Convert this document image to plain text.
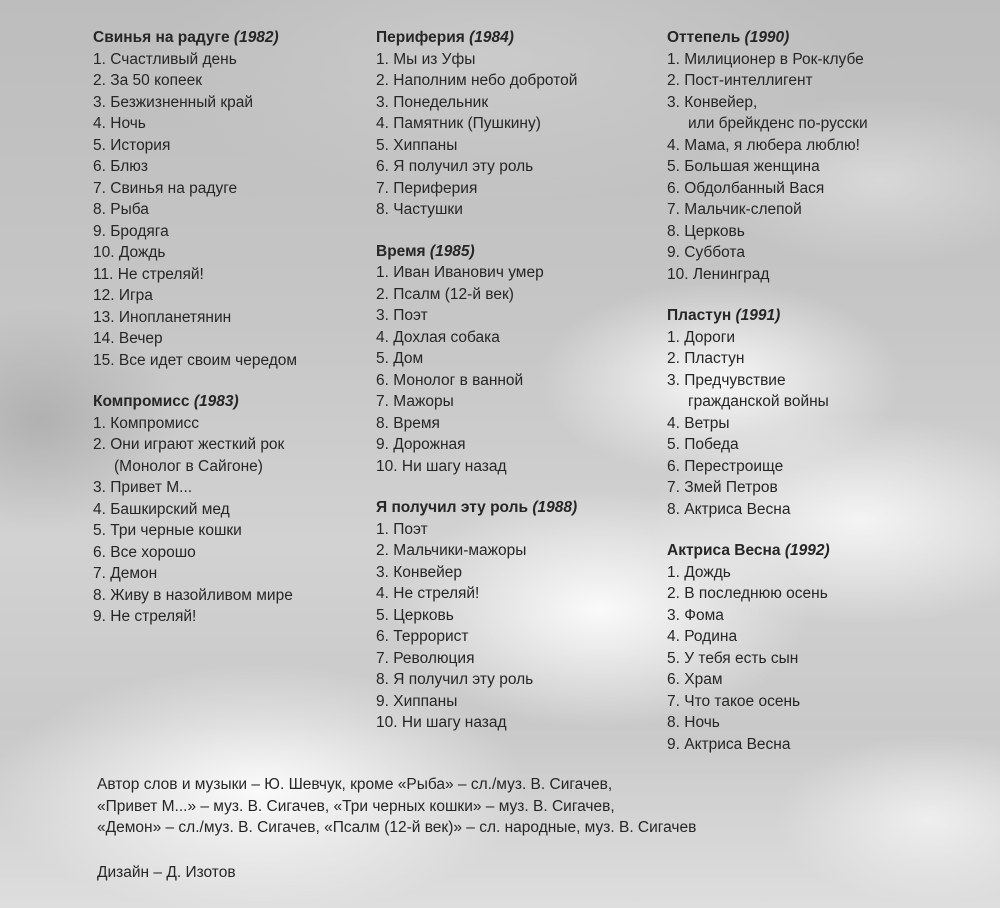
Свинья на радуге (1982)
1. Счастливый день
2. За 50 копеек
3. Безжизненный край
4. Ночь
5. История
6. Блюз
7. Свинья на радуге
8. Рыба
9. Бродяга
10. Дождь
11. Не стреляй!
12. Игра
13. Инопланетянин
14. Вечер
15. Все идет своим чередом
Компромисс (1983)
1. Компромисс
2. Они играют жесткий рок
(Монолог в Сайгоне)
3. Привет М...
4. Башкирский мед
5. Три черные кошки
6. Все хорошо
7. Демон
8. Живу в назойливом мире
9. Не стреляй!
Периферия (1984)
1. Мы из Уфы
2. Наполним небо добротой
3. Понедельник
4. Памятник (Пушкину)
5. Хиппаны
6. Я получил эту роль
7. Периферия
8. Частушки
Время (1985)
1. Иван Иванович умер
2. Псалм (12-й век)
3. Поэт
4. Дохлая собака
5. Дом
6. Монолог в ванной
7. Мажоры
8. Время
9. Дорожная
10. Ни шагу назад
Я получил эту роль (1988)
1. Поэт
2. Мальчики-мажоры
3. Конвейер
4. Не стреляй!
5. Церковь
6. Террорист
7. Революция
8. Я получил эту роль
9. Хиппаны
10. Ни шагу назад
Оттепель (1990)
1. Милиционер в Рок-клубе
2. Пост-интеллигент
3. Конвейер,
или брейкденс по-русски
4. Мама, я любера люблю!
5. Большая женщина
6. Обдолбанный Вася
7. Мальчик-слепой
8. Церковь
9. Суббота
10. Ленинград
Пластун (1991)
1. Дороги
2. Пластун
3. Предчувствие
гражданской войны
4. Ветры
5. Победа
6. Перестроище
7. Змей Петров
8. Актриса Весна
Актриса Весна (1992)
1. Дождь
2. В последнюю осень
3. Фома
4. Родина
5. У тебя есть сын
6. Храм
7. Что такое осень
8. Ночь
9. Актриса Весна
Автор слов и музыки – Ю. Шевчук, кроме «Рыба» – сл./муз. В. Сигачев,
«Привет М...» – муз. В. Сигачев, «Три черных кошки» – муз. В. Сигачев,
«Демон» – сл./муз. В. Сигачев, «Псалм (12-й век)» – сл. народные, муз. В. Сигачев
Дизайн – Д. Изотов
